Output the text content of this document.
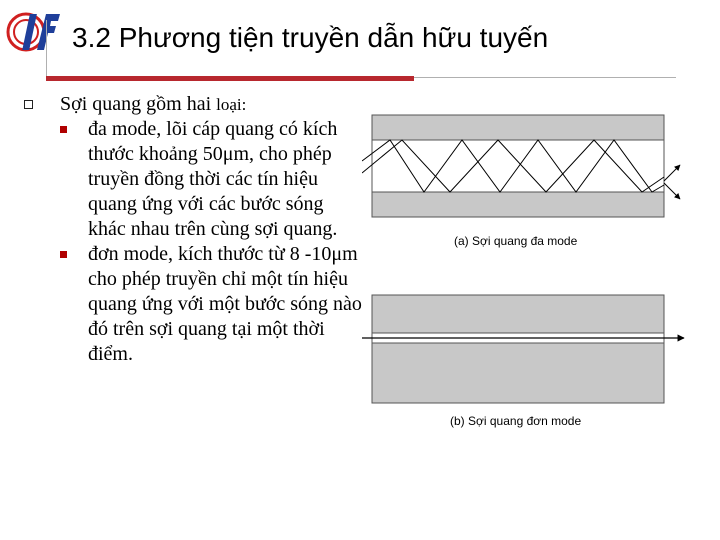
3.2 Phương tiện truyền dẫn hữu tuyến
Sợi quang gồm hai loại:
đa mode, lõi cáp quang có kích thước khoảng 50μm, cho phép truyền đồng thời các tín hiệu quang ứng với các bước sóng khác nhau trên cùng sợi quang.
đơn mode, kích thước từ 8 -10μm cho phép truyền chỉ một tín hiệu quang ứng với một bước sóng nào đó trên sợi quang tại một thời điểm.
(a) Sợi quang đa mode
(b) Sợi quang đơn mode
